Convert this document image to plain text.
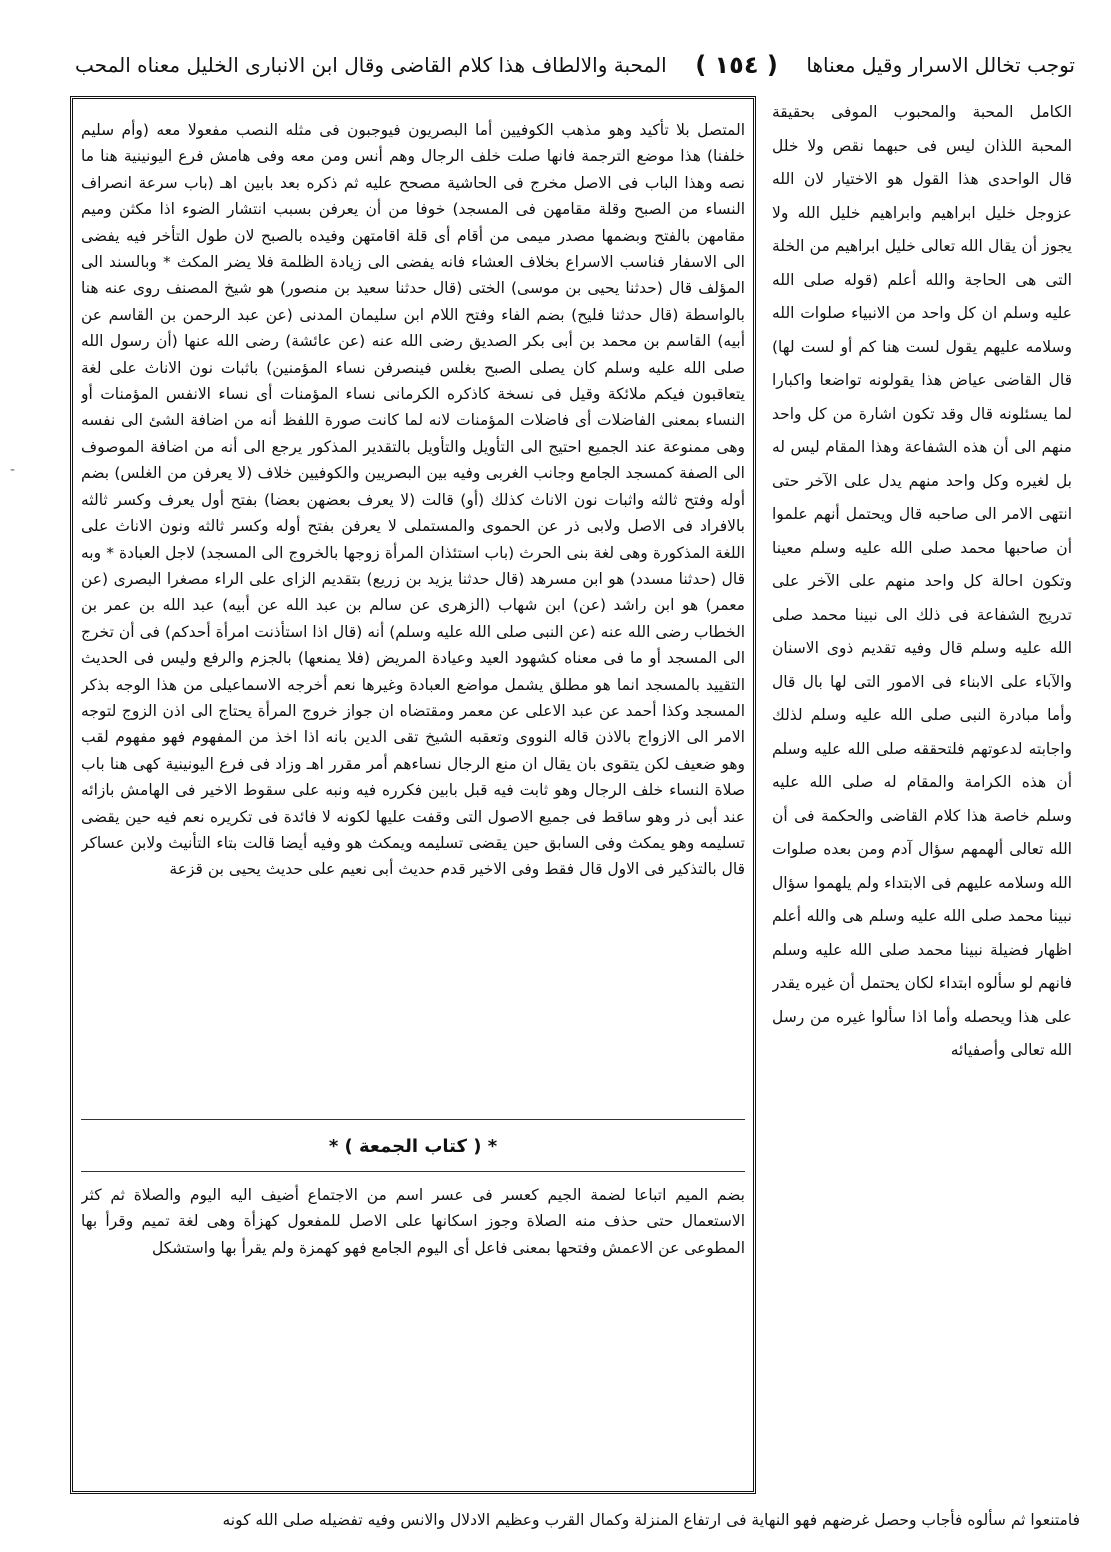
توجب تخالل الاسرار وقيل معناها
( ١٥٤ )
المحبة والالطاف هذا كلام القاضى وقال ابن الانبارى الخليل معناه المحب

المتصل بلا تأكيد وهو مذهب الكوفيين أما البصريون فيوجبون فى مثله النصب مفعولا معه (وأم سليم خلفنا) هذا موضع الترجمة فانها صلت خلف الرجال وهم أنس ومن معه وفى هامش فرع اليونينية هنا ما نصه وهذا الباب فى الاصل مخرج فى الحاشية مصحح عليه ثم ذكره بعد بابين اهـ (باب سرعة انصراف النساء من الصبح وقلة مقامهن فى المسجد) خوفا من أن يعرفن بسبب انتشار الضوء اذا مكثن وميم مقامهن بالفتح وبضمها مصدر ميمى من أقام أى قلة اقامتهن وفيده بالصبح لان طول التأخر فيه يفضى الى الاسفار فناسب الاسراع بخلاف العشاء فانه يفضى الى زيادة الظلمة فلا يضر المكث * وبالسند الى المؤلف قال (حدثنا يحيى بن موسى) الختى (قال حدثنا سعيد بن منصور) هو شيخ المصنف روى عنه هنا بالواسطة (قال حدثنا فليح) بضم الفاء وفتح اللام ابن سليمان المدنى (عن عبد الرحمن بن القاسم عن أبيه) القاسم بن محمد بن أبى بكر الصديق رضى الله عنه (عن عائشة) رضى الله عنها (أن رسول الله صلى الله عليه وسلم كان يصلى الصبح بغلس فينصرفن نساء المؤمنين) باثبات نون الاناث على لغة يتعاقبون فيكم ملائكة وقيل فى نسخة كاذكره الكرمانى نساء المؤمنات أى نساء الانفس المؤمنات أو النساء بمعنى الفاضلات أى فاضلات المؤمنات لانه لما كانت صورة اللفظ أنه من اضافة الشئ الى نفسه وهى ممنوعة عند الجميع احتيج الى التأويل والتأويل بالتقدير المذكور يرجع الى أنه من اضافة الموصوف الى الصفة كمسجد الجامع وجانب الغربى وفيه بين البصريين والكوفيين خلاف (لا يعرفن من الغلس) بضم أوله وفتح ثالثه واثبات نون الاناث كذلك (أو) قالت (لا يعرف بعضهن بعضا) بفتح أول يعرف وكسر ثالثه بالافراد فى الاصل ولابى ذر عن الحموى والمستملى لا يعرفن بفتح أوله وكسر ثالثه ونون الاناث على اللغة المذكورة وهى لغة بنى الحرث (باب استئذان المرأة زوجها بالخروج الى المسجد) لاجل العبادة * وبه قال (حدثنا مسدد) هو ابن مسرهد (قال حدثنا يزيد بن زريع) بتقديم الزاى على الراء مصغرا البصرى (عن معمر) هو ابن راشد (عن) ابن شهاب (الزهرى عن سالم بن عبد الله عن أبيه) عبد الله بن عمر بن الخطاب رضى الله عنه (عن النبى صلى الله عليه وسلم) أنه (قال اذا استأذنت امرأة أحدكم) فى أن تخرج الى المسجد أو ما فى معناه كشهود العيد وعيادة المريض (فلا يمنعها) بالجزم والرفع وليس فى الحديث التقييد بالمسجد انما هو مطلق يشمل مواضع العبادة وغيرها نعم أخرجه الاسماعيلى من هذا الوجه بذكر المسجد وكذا أحمد عن عبد الاعلى عن معمر ومقتضاه ان جواز خروج المرأة يحتاج الى اذن الزوج لتوجه الامر الى الازواج بالاذن قاله النووى وتعقبه الشيخ تقى الدين بانه اذا اخذ من المفهوم فهو مفهوم لقب وهو ضعيف لكن يتقوى بان يقال ان منع الرجال نساءهم أمر مقرر اهـ وزاد فى فرع اليونينية كهى هنا باب صلاة النساء خلف الرجال وهو ثابت فيه قبل بابين فكرره فيه ونبه على سقوط الاخير فى الهامش بازائه عند أبى ذر وهو ساقط فى جميع الاصول التى وقفت عليها لكونه لا فائدة فى تكريره نعم فيه حين يقضى تسليمه وهو يمكث وفى السابق حين يقضى تسليمه ويمكث هو وفيه أيضا قالت بتاء التأنيث ولابن عساكر قال بالتذكير فى الاول قال فقط وفى الاخير قدم حديث أبى نعيم على حديث يحيى بن قزعة

* ( كتاب الجمعة ) *

بضم الميم اتباعا لضمة الجيم كعسر فى عسر اسم من الاجتماع أضيف اليه اليوم والصلاة ثم كثر الاستعمال حتى حذف منه الصلاة وجوز اسكانها على الاصل للمفعول كهزأة وهى لغة تميم وقرأ بها المطوعى عن الاعمش وفتحها بمعنى فاعل أى اليوم الجامع فهو كهمزة ولم يقرأ بها واستشكل

الكامل المحبة والمحبوب الموفى بحقيقة المحبة اللذان ليس فى حبهما نقص ولا خلل قال الواحدى هذا القول هو الاختيار لان الله عزوجل خليل ابراهيم وابراهيم خليل الله ولا يجوز أن يقال الله تعالى خليل ابراهيم من الخلة التى هى الحاجة والله أعلم (قوله صلى الله عليه وسلم ان كل واحد من الانبياء صلوات الله وسلامه عليهم يقول لست هنا كم أو لست لها) قال القاضى عياض هذا يقولونه تواضعا واكبارا لما يسئلونه قال وقد تكون اشارة من كل واحد منهم الى أن هذه الشفاعة وهذا المقام ليس له بل لغيره وكل واحد منهم يدل على الآخر حتى انتهى الامر الى صاحبه قال ويحتمل أنهم علموا أن صاحبها محمد صلى الله عليه وسلم معينا وتكون احالة كل واحد منهم على الآخر على تدريج الشفاعة فى ذلك الى نبينا محمد صلى الله عليه وسلم قال وفيه تقديم ذوى الاسنان والآباء على الابناء فى الامور التى لها بال قال وأما مبادرة النبى صلى الله عليه وسلم لذلك واجابته لدعوتهم فلتحققه صلى الله عليه وسلم أن هذه الكرامة والمقام له صلى الله عليه وسلم خاصة هذا كلام القاضى والحكمة فى أن الله تعالى ألهمهم سؤال آدم ومن بعده صلوات الله وسلامه عليهم فى الابتداء ولم يلهموا سؤال نبينا محمد صلى الله عليه وسلم هى والله أعلم اظهار فضيلة نبينا محمد صلى الله عليه وسلم فانهم لو سألوه ابتداء لكان يحتمل أن غيره يقدر على هذا ويحصله وأما اذا سألوا غيره من رسل الله تعالى وأصفيائه

فامتنعوا ثم سألوه فأجاب وحصل غرضهم فهو النهاية فى ارتفاع المنزلة وكمال القرب وعظيم الادلال والانس وفيه تفضيله صلى الله كونه
-
